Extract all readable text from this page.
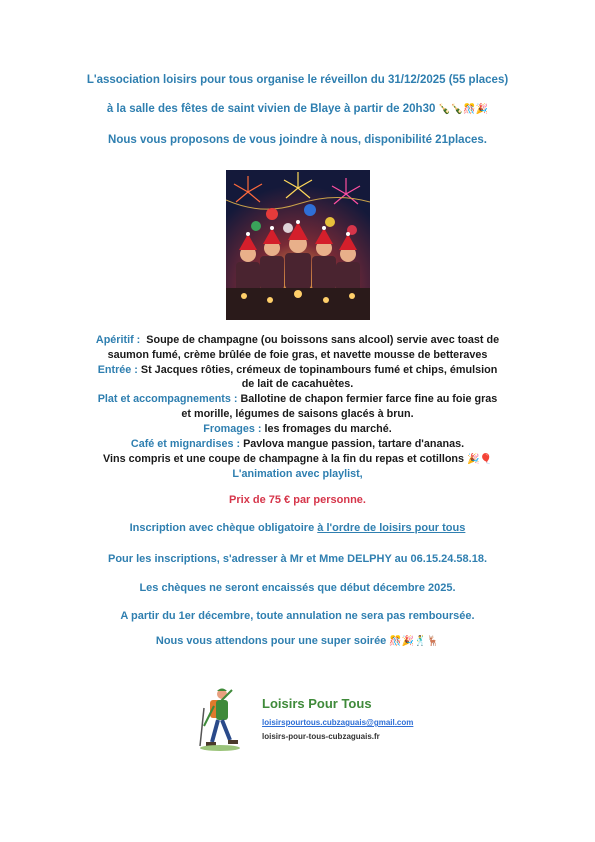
L'association loisirs pour tous organise le réveillon du 31/12/2025 (55 places)
à la salle des fêtes de saint vivien de Blaye à partir de 20h30 🍾🍾🎊🎉
Nous vous proposons de vous joindre à nous, disponibilité 21places.
Apéritif : Soupe de champagne (ou boissons sans alcool) servie avec toast de
saumon fumé, crème brûlée de foie gras, et navette mousse de betteraves
Entrée : St Jacques rôties, crémeux de topinambours fumé et chips, émulsion
de lait de cacahuètes.
Plat et accompagnements : Ballotine de chapon fermier farce fine au foie gras
et morille, légumes de saisons glacés à brun.
Fromages : les fromages du marché.
Café et mignardises : Pavlova mangue passion, tartare d'ananas.
Vins compris et une coupe de champagne à la fin du repas et cotillons 🎉🎈
L'animation avec playlist,
Prix de 75 € par personne.
Inscription avec chèque obligatoire à l'ordre de loisirs pour tous
Pour les inscriptions, s'adresser à Mr et Mme DELPHY au 06.15.24.58.18.
Les chèques ne seront encaissés que début décembre 2025.
A partir du 1er décembre, toute annulation ne sera pas remboursée.
Nous vous attendons pour une super soirée 🎊🎉🕺🦌
Loisirs Pour Tous
loisirspourtous.cubzaguais@gmail.com
loisirs-pour-tous-cubzaguais.fr
